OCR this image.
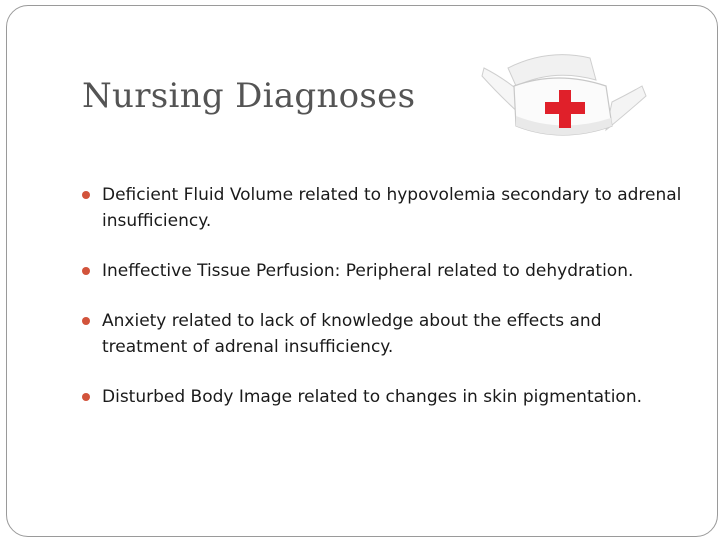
Nursing Diagnoses
Deficient Fluid Volume related to hypovolemia secondary to adrenal insufficiency.
Ineffective Tissue Perfusion: Peripheral related to dehydration.
Anxiety related to lack of knowledge about the effects and treatment of adrenal insufficiency.
Disturbed Body Image related to changes in skin pigmentation.
